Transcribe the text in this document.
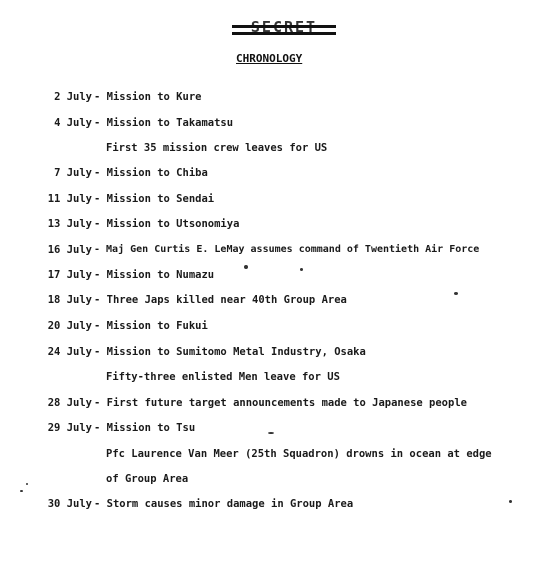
CHRONOLOGY
2 July - Mission to Kure
4 July - Mission to Takamatsu
First 35 mission crew leaves for US
7 July - Mission to Chiba
11 July - Mission to Sendai
13 July - Mission to Utsonomiya
16 July - Maj Gen Curtis E. LeMay assumes command of Twentieth Air Force
17 July - Mission to Numazu
18 July - Three Japs killed near 40th Group Area
20 July - Mission to Fukui
24 July - Mission to Sumitomo Metal Industry, Osaka
Fifty-three enlisted Men leave for US
28 July - First future target announcements made to Japanese people
29 July - Mission to Tsu
Pfc Laurence Van Meer (25th Squadron) drowns in ocean at edge
of Group Area
30 July - Storm causes minor damage in Group Area
